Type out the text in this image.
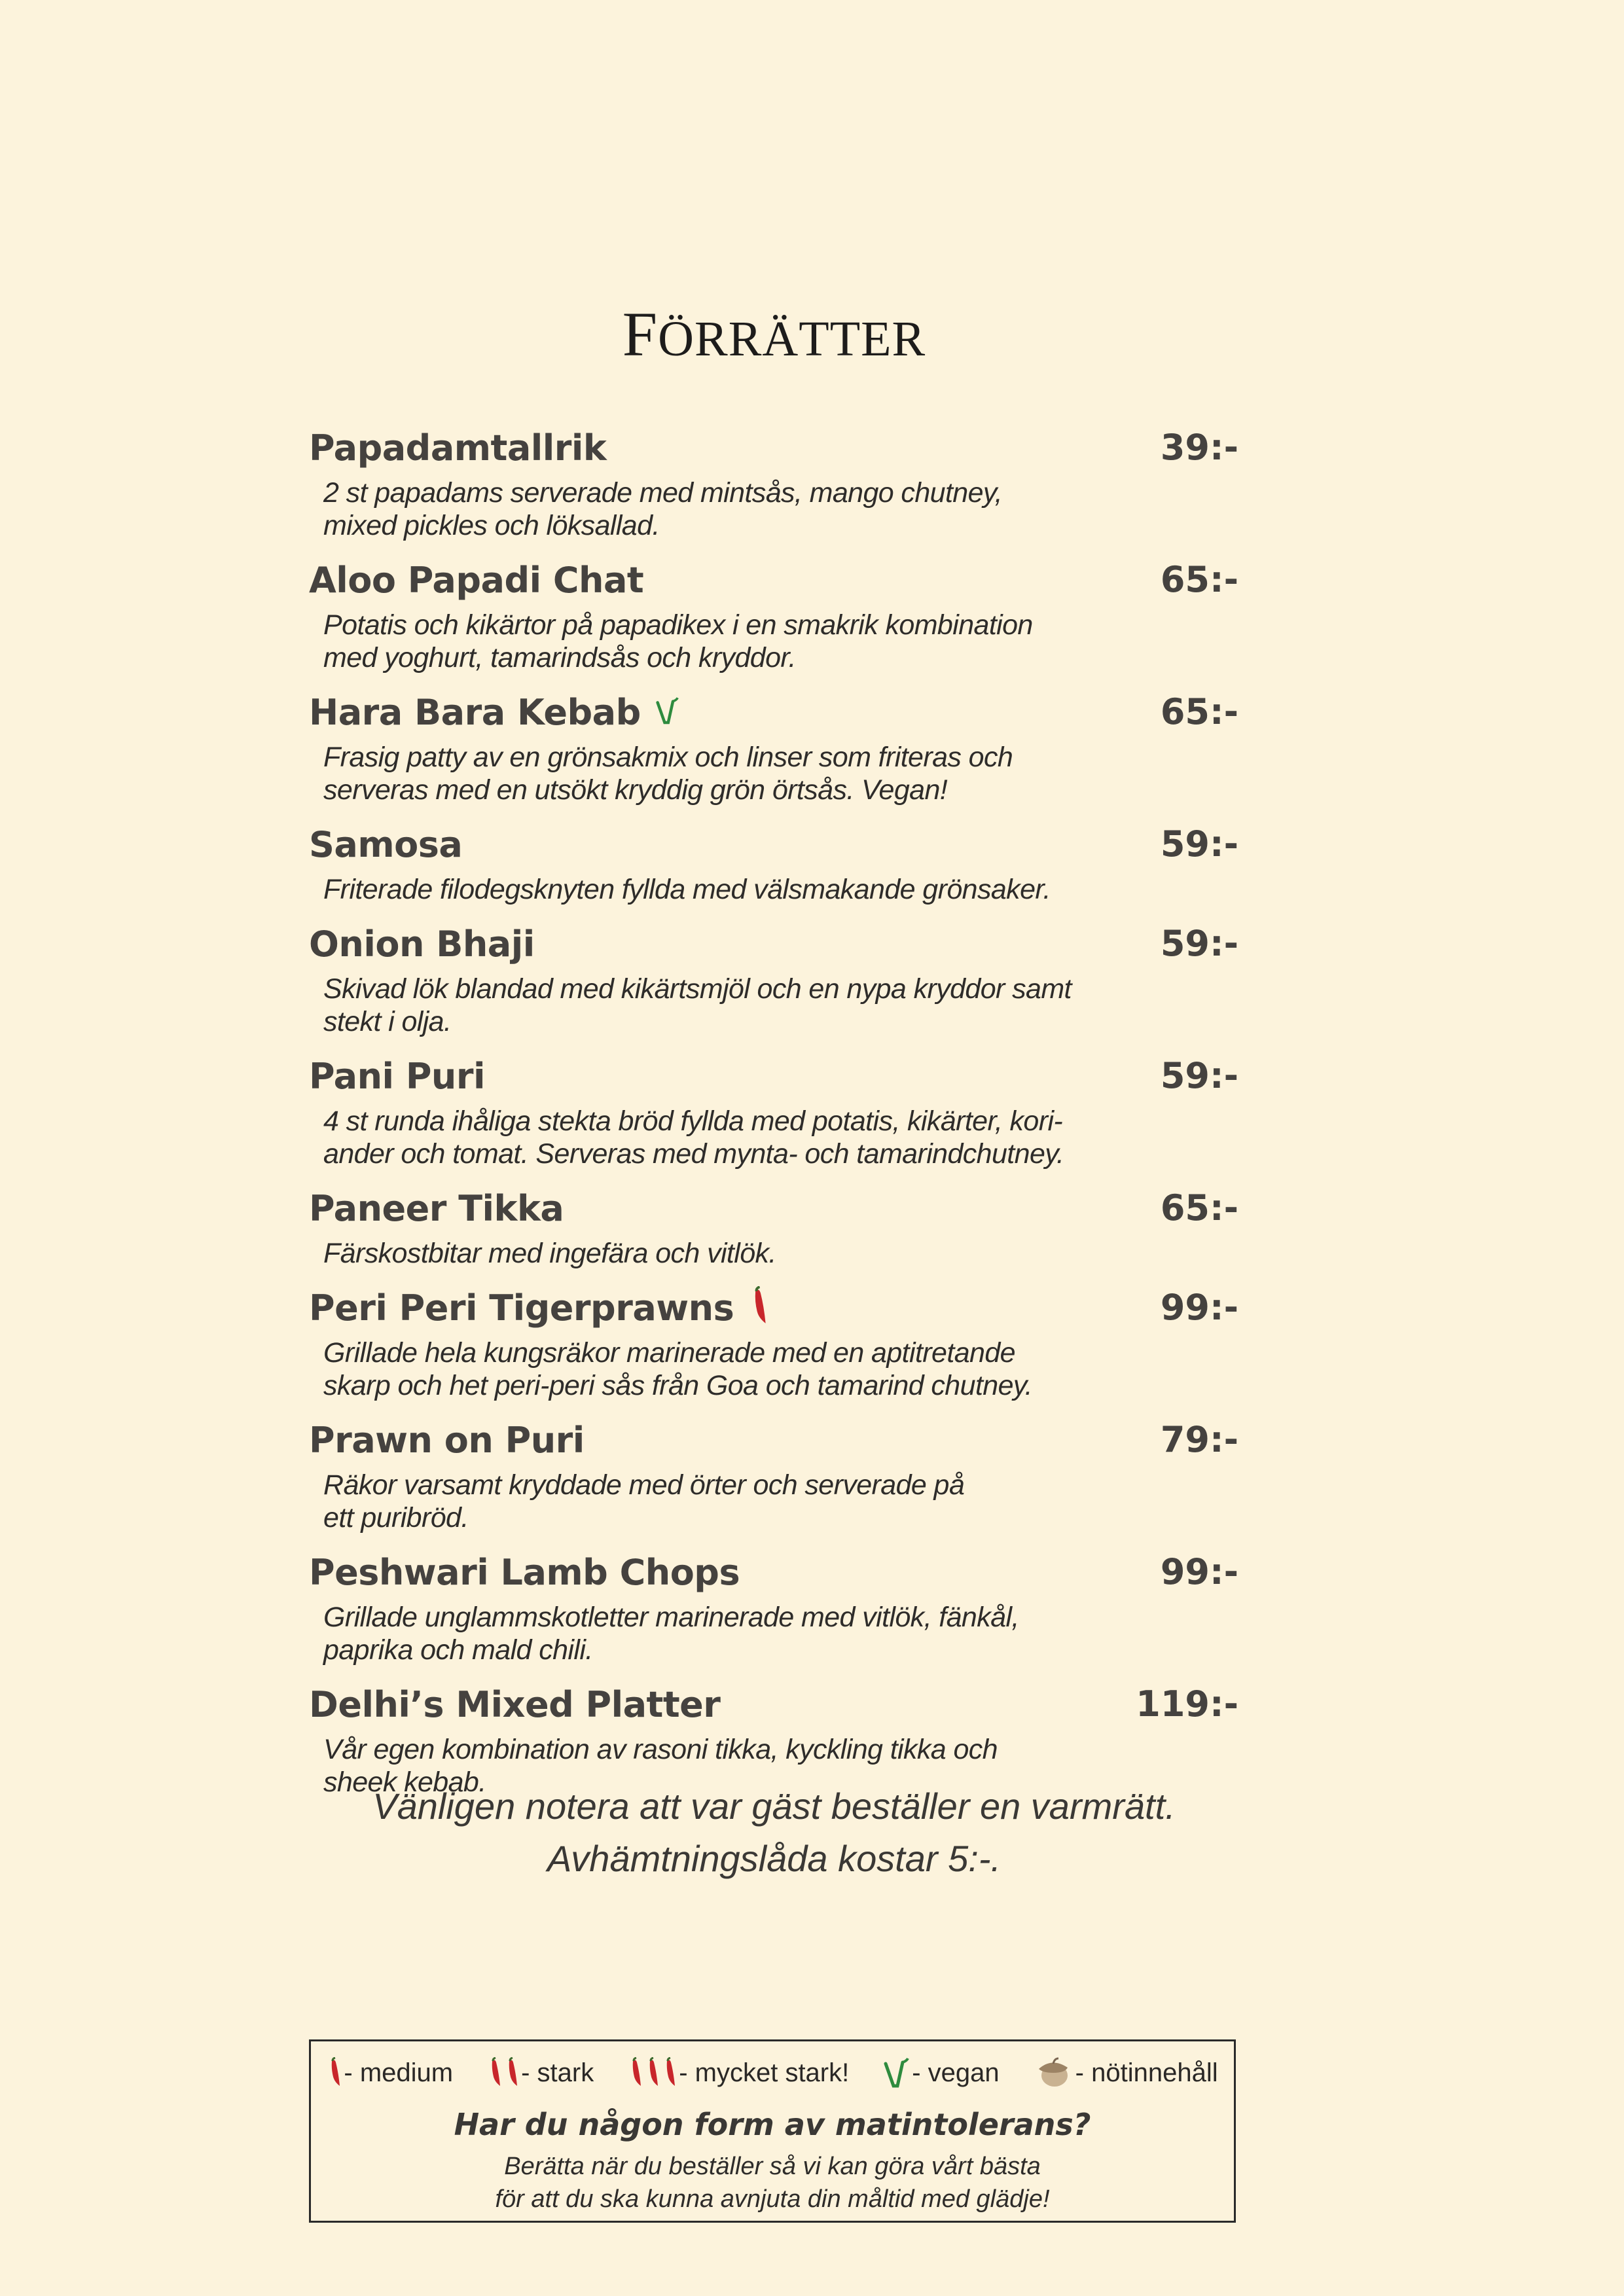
FÖRRÄTTER
Papadamtallrik	39:-
2 st papadams serverade med mintsås, mango chutney,
mixed pickles och löksallad.
Aloo Papadi Chat	65:-
Potatis och kikärtor på papadikex i en smakrik kombination
med yoghurt, tamarindsås och kryddor.
Hara Bara Kebab	65:-
Frasig patty av en grönsakmix och linser som friteras och
serveras med en utsökt kryddig grön örtsås. Vegan!
Samosa	59:-
Friterade filodegsknyten fyllda med välsmakande grönsaker.
Onion Bhaji	59:-
Skivad lök blandad med kikärtsmjöl och en nypa kryddor samt
stekt i olja.
Pani Puri	59:-
4 st runda ihåliga stekta bröd fyllda med potatis, kikärter, kori-
ander och tomat. Serveras med mynta- och tamarindchutney.
Paneer Tikka	65:-
Färskostbitar med ingefära och vitlök.
Peri Peri Tigerprawns	99:-
Grillade hela kungsräkor marinerade med en aptitretande
skarp och het peri-peri sås från Goa och tamarind chutney.
Prawn on Puri	79:-
Räkor varsamt kryddade med örter och serverade på
ett puribröd.
Peshwari Lamb Chops	99:-
Grillade unglammskotletter marinerade med vitlök, fänkål,
paprika och mald chili.
Delhi’s Mixed Platter	119:-
Vår egen kombination av rasoni tikka, kyckling tikka och
sheek kebab.
Vänligen notera att var gäst beställer en varmrätt.
Avhämtningslåda kostar 5:-.
- medium	- stark	- mycket stark! - vegan	- nötinnehåll
Har du någon form av matintolerans?
Berätta när du beställer så vi kan göra vårt bästa
för att du ska kunna avnjuta din måltid med glädje!
